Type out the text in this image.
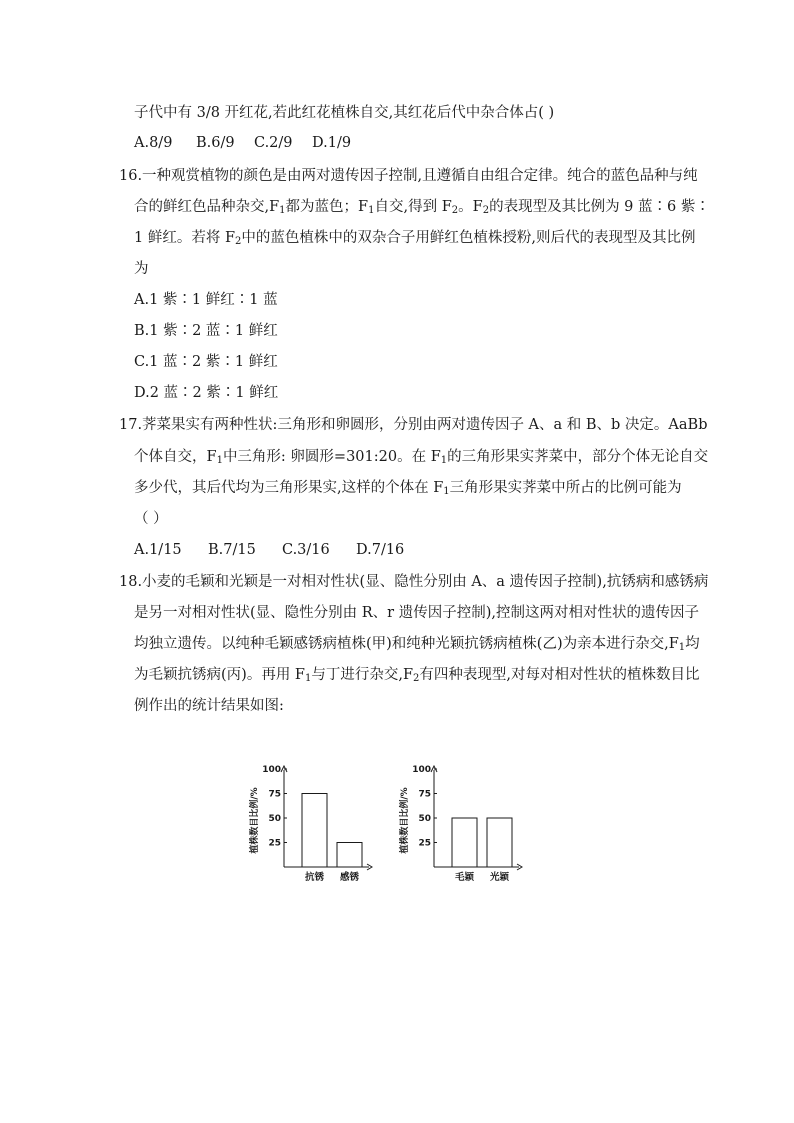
子代中有 3/8 开红花,若此红花植株自交,其红花后代中杂合体占( )
A.8/9 B.6/9 C.2/9 D.1/9
16.一种观赏植物的颜色是由两对遗传因子控制,且遵循自由组合定律。纯合的蓝色品种与纯
合的鲜红色品种杂交$,F_1$都为蓝色；$F_1$自交,得到 $F_2$。$F_2$的表现型及其比例为 9 蓝∶6 紫∶
1 鲜红。若将 $F_2$中的蓝色植株中的双杂合子用鲜红色植株授粉,则后代的表现型及其比例
为
A.1 紫∶1 鲜红∶1 蓝
B.1 紫∶2 蓝∶1 鲜红
C.1 蓝∶2 紫∶1 鲜红
D.2 蓝∶2 紫∶1 鲜红
17.荠菜果实有两种性状:三角形和卵圆形，分别由两对遗传因子 A、a 和 B、b 决定。AaBb
个体自交，$F_1$中三角形: 卵圆形=301:20。在 $F_1$的三角形果实荠菜中，部分个体无论自交
多少代，其后代均为三角形果实,这样的个体在 $F_1$三角形果实荠菜中所占的比例可能为
（ ）
A.1/15 B.7/15 C.3/16 D.7/16
18.小麦的毛颖和光颖是一对相对性状(显、隐性分别由 A、a 遗传因子控制),抗锈病和感锈病
是另一对相对性状(显、隐性分别由 R、r 遗传因子控制),控制这两对相对性状的遗传因子
均独立遗传。以纯种毛颖感锈病植株(甲)和纯种光颖抗锈病植株(乙)为亲本进行杂交$,F_1$均
为毛颖抗锈病(丙)。再用 $F_1$与丁进行杂交$,F_2$有四种表现型,对每对相对性状的植株数目比
例作出的统计结果如图:
25
50
75
100
植株数目比例/%
抗锈 感锈
25
50
75
100
植株数目比例/%
毛颖 光颖
